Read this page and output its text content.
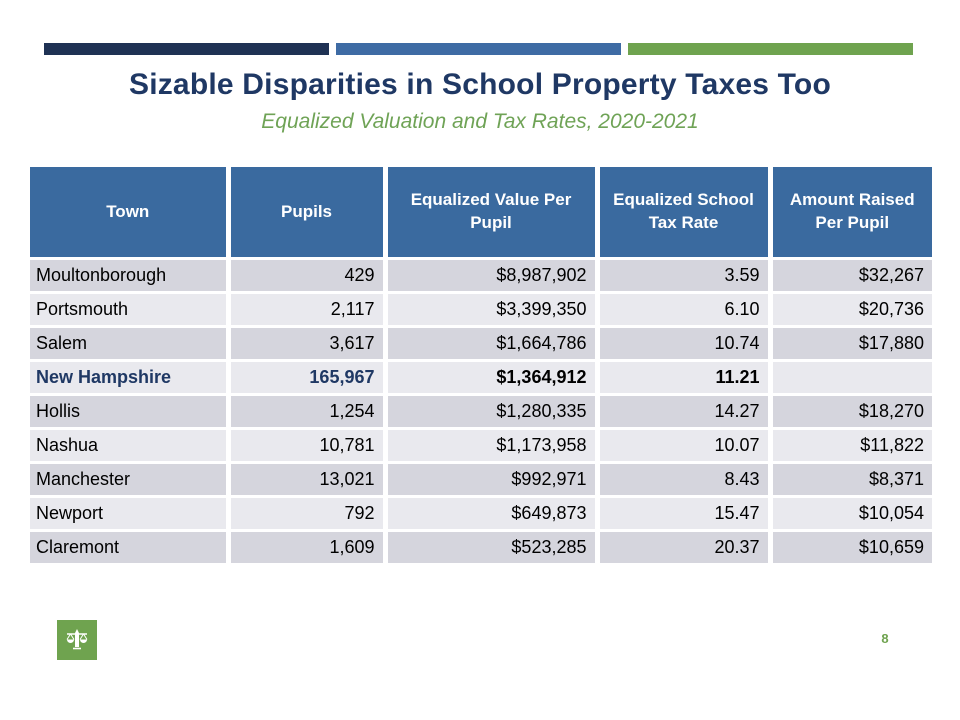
Sizable Disparities in School Property Taxes Too
Equalized Valuation and Tax Rates, 2020-2021
Town	Pupils	Equalized Value Per Pupil	Equalized School Tax Rate	Amount Raised Per Pupil
Moultonborough	429	$8,987,902	3.59	$32,267
Portsmouth	2,117	$3,399,350	6.10	$20,736
Salem	3,617	$1,664,786	10.74	$17,880
New Hampshire	165,967	$1,364,912	11.21	
Hollis	1,254	$1,280,335	14.27	$18,270
Nashua	10,781	$1,173,958	10.07	$11,822
Manchester	13,021	$992,971	8.43	$8,371
Newport	792	$649,873	15.47	$10,054
Claremont	1,609	$523,285	20.37	$10,659
8
